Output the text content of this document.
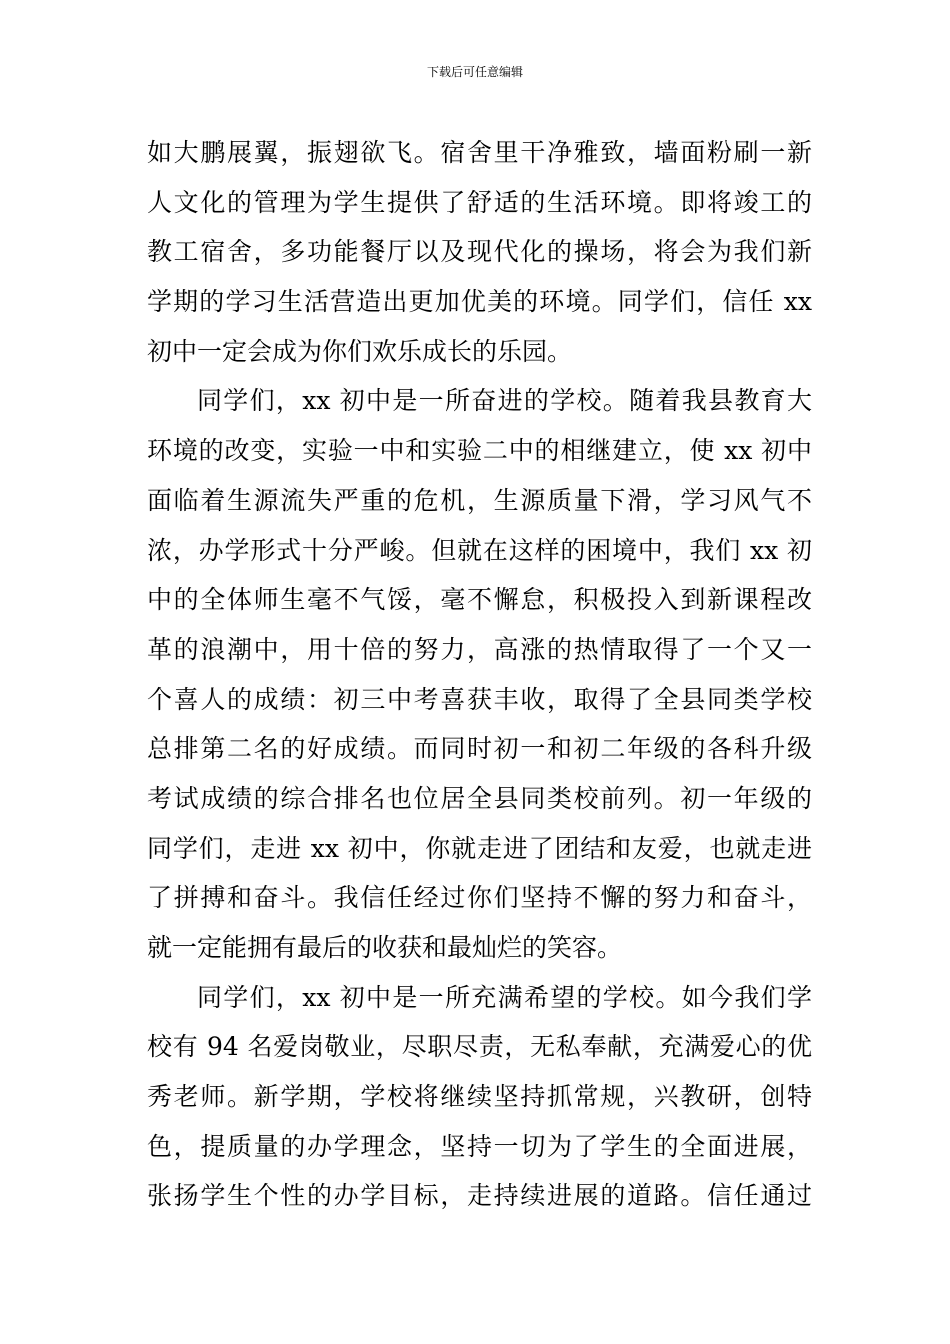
下载后可任意编辑
如大鹏展翼，振翅欲飞。宿舍里干净雅致，墙面粉刷一新
人文化的管理为学生提供了舒适的生活环境。即将竣工的
教工宿舍，多功能餐厅以及现代化的操场，将会为我们新
学期的学习生活营造出更加优美的环境。同学们，信任 xx
初中一定会成为你们欢乐成长的乐园。
同学们，xx 初中是一所奋进的学校。随着我县教育大
环境的改变，实验一中和实验二中的相继建立，使 xx 初中
面临着生源流失严重的危机，生源质量下滑，学习风气不
浓，办学形式十分严峻。但就在这样的困境中，我们 xx 初
中的全体师生毫不气馁，毫不懈怠，积极投入到新课程改
革的浪潮中，用十倍的努力，高涨的热情取得了一个又一
个喜人的成绩：初三中考喜获丰收，取得了全县同类学校
总排第二名的好成绩。而同时初一和初二年级的各科升级
考试成绩的综合排名也位居全县同类校前列。初一年级的
同学们，走进 xx 初中，你就走进了团结和友爱，也就走进
了拼搏和奋斗。我信任经过你们坚持不懈的努力和奋斗，
就一定能拥有最后的收获和最灿烂的笑容。
同学们，xx 初中是一所充满希望的学校。如今我们学
校有 94 名爱岗敬业，尽职尽责，无私奉献，充满爱心的优
秀老师。新学期，学校将继续坚持抓常规，兴教研，创特
色，提质量的办学理念，坚持一切为了学生的全面进展，
张扬学生个性的办学目标，走持续进展的道路。信任通过
